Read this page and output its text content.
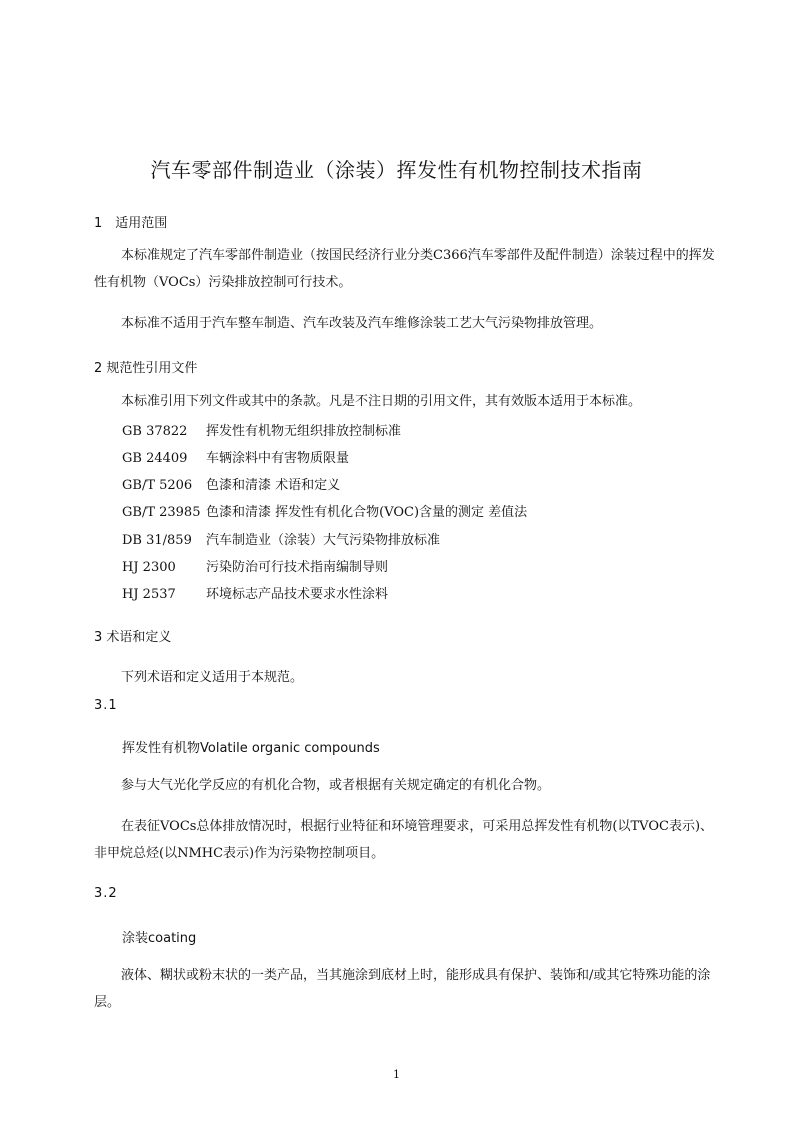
汽车零部件制造业（涂装）挥发性有机物控制技术指南
1　适用范围
本标准规定了汽车零部件制造业（按国民经济行业分类C366汽车零部件及配件制造）涂装过程中的挥发性有机物（VOCs）污染排放控制可行技术。
本标准不适用于汽车整车制造、汽车改装及汽车维修涂装工艺大气污染物排放管理。
2 规范性引用文件
本标准引用下列文件或其中的条款。凡是不注日期的引用文件，其有效版本适用于本标准。
GB 37822 挥发性有机物无组织排放控制标准
GB 24409 车辆涂料中有害物质限量
GB/T 5206 色漆和清漆 术语和定义
GB/T 23985 色漆和清漆 挥发性有机化合物(VOC)含量的测定 差值法
DB 31/859 汽车制造业（涂装）大气污染物排放标准
HJ 2300 污染防治可行技术指南编制导则
HJ 2537 环境标志产品技术要求水性涂料
3 术语和定义
下列术语和定义适用于本规范。
3.1
挥发性有机物Volatile organic compounds
参与大气光化学反应的有机化合物，或者根据有关规定确定的有机化合物。
在表征VOCs总体排放情况时，根据行业特征和环境管理要求，可采用总挥发性有机物(以TVOC表示)、非甲烷总烃(以NMHC表示)作为污染物控制项目。
3.2
涂装coating
液体、糊状或粉末状的一类产品，当其施涂到底材上时，能形成具有保护、装饰和/或其它特殊功能的涂层。
1
